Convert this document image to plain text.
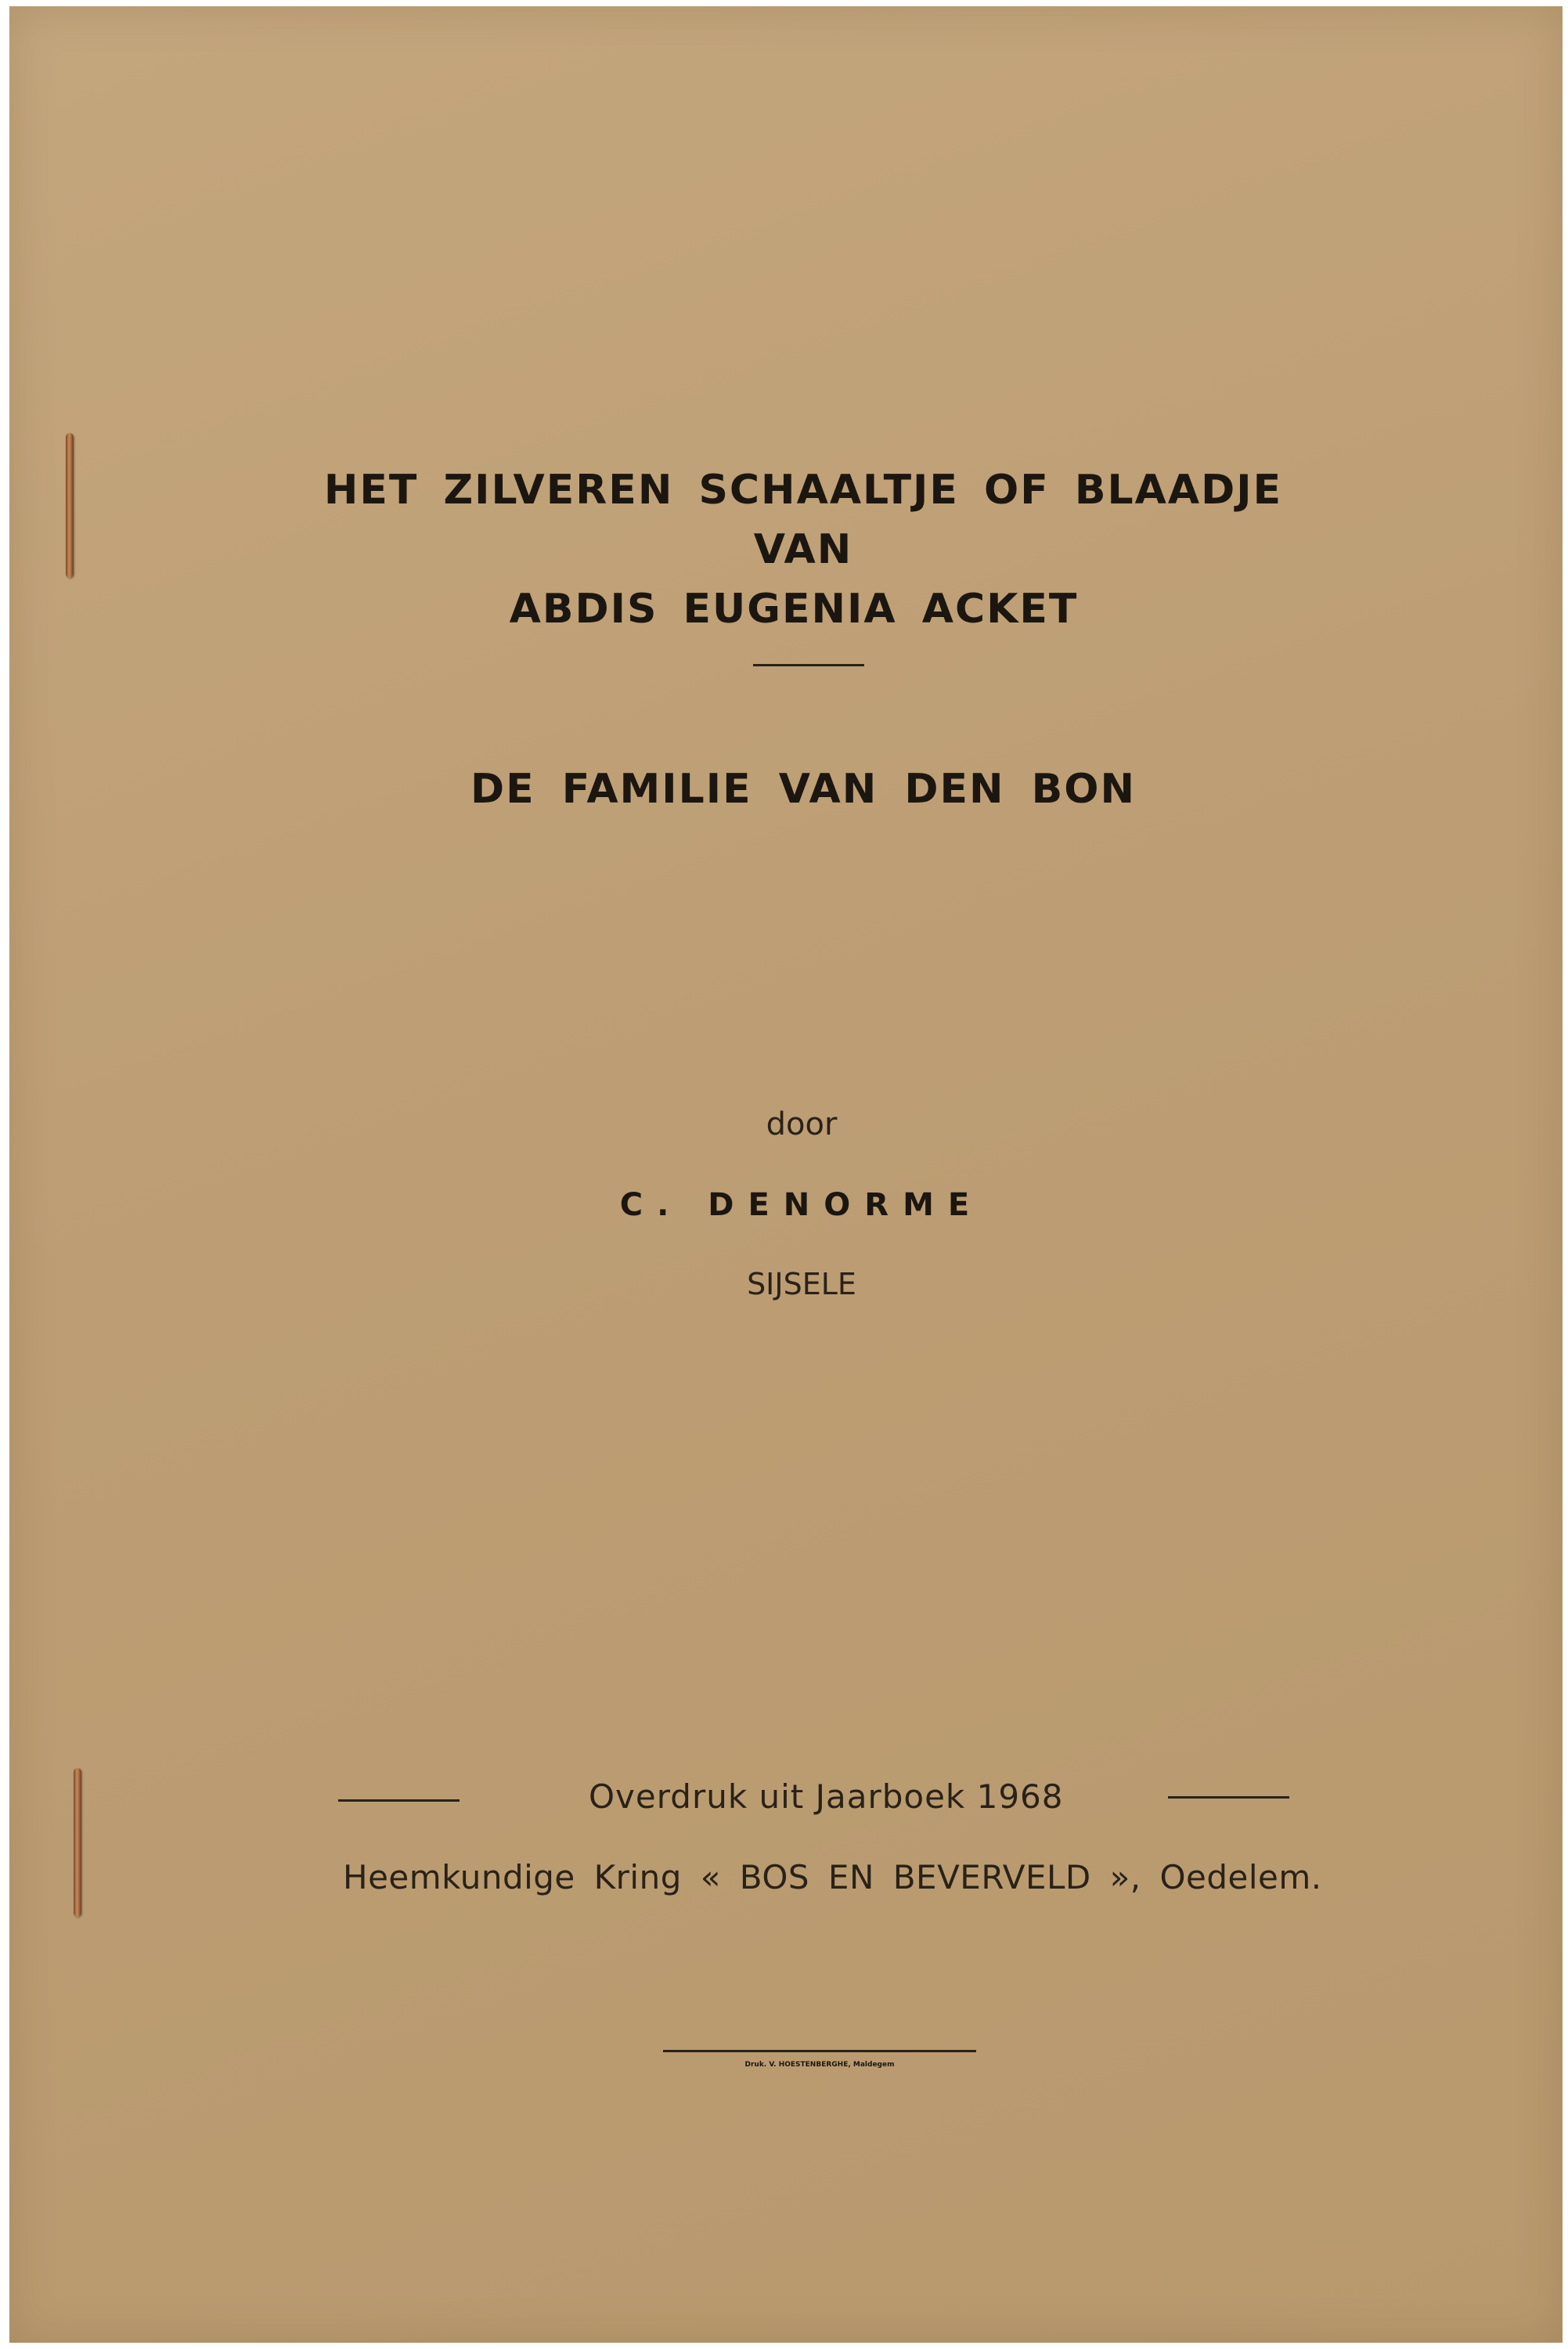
HET ZILVEREN SCHAALTJE OF BLAADJE
VAN
ABDIS EUGENIA ACKET
DE FAMILIE VAN DEN BON
door
C. DENORME
SIJSELE
Overdruk uit Jaarboek 1968
Heemkundige Kring « BOS EN BEVERVELD », Oedelem.
Druk. V. HOESTENBERGHE, Maldegem
